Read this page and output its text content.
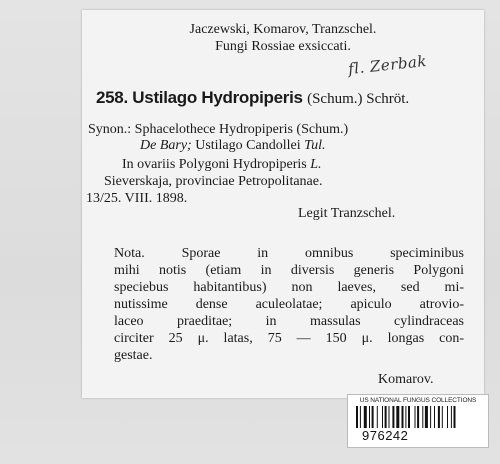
Jaczewski, Komarov, Tranzschel.
Fungi Rossiae exsiccati.
fl. Zerbak
258. Ustilago Hydropiperis (Schum.) Schröt.
Synon.: Sphacelothece Hydropiperis (Schum.)
De Bary; Ustilago Candollei Tul.
In ovariis Polygoni Hydropiperis L.
Sieverskaja, provinciae Petropolitanae.
13/25. VIII. 1898.
Legit Tranzschel.
Nota. Sporae in omnibus speciminibus
mihi notis (etiam in diversis generis Polygoni
speciebus habitantibus) non laeves, sed mi-
nutissime dense aculeolatae; apiculo atrovio-
laceo praeditae; in massulas cylindraceas
circiter 25 μ. latas, 75 — 150 μ. longas con-
gestae.
Komarov.
US NATIONAL FUNGUS COLLECTIONS
976242
